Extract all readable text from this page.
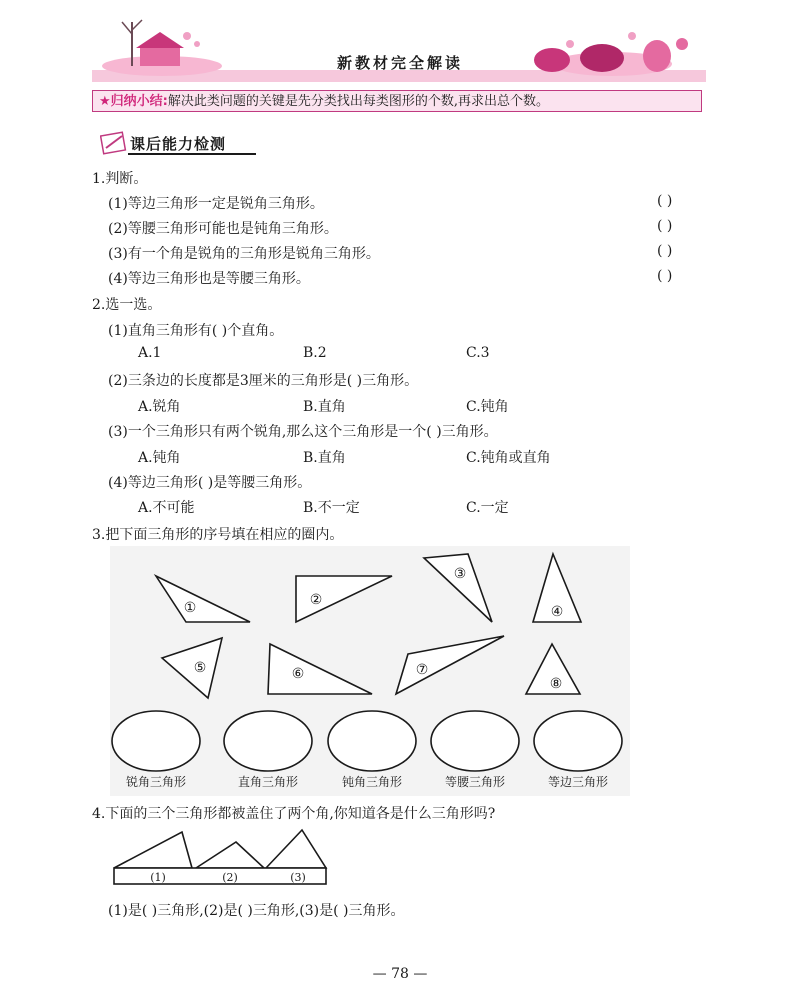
新教材完全解读
★归纳小结:解决此类问题的关键是先分类找出每类图形的个数,再求出总个数。
课后能力检测
1.判断。
(1)等边三角形一定是锐角三角形。	( )
(2)等腰三角形可能也是钝角三角形。	( )
(3)有一个角是锐角的三角形是锐角三角形。	( )
(4)等边三角形也是等腰三角形。	( )
2.选一选。
(1)直角三角形有( )个直角。
A.1	B.2	C.3
(2)三条边的长度都是3厘米的三角形是( )三角形。
A.锐角	B.直角	C.钝角
(3)一个三角形只有两个锐角,那么这个三角形是一个( )三角形。
A.钝角	B.直角	C.钝角或直角
(4)等边三角形( )是等腰三角形。
A.不可能	B.不一定	C.一定
3.把下面三角形的序号填在相应的圈内。
①	②
③
④
⑤	⑥	⑦
⑧
锐角三角形	直角三角形	钝角三角形	等腰三角形	等边三角形
4.下面的三个三角形都被盖住了两个角,你知道各是什么三角形吗?
(1)	(2)	(3)
(1)是( )三角形,(2)是( )三角形,(3)是( )三角形。
— 78 —
